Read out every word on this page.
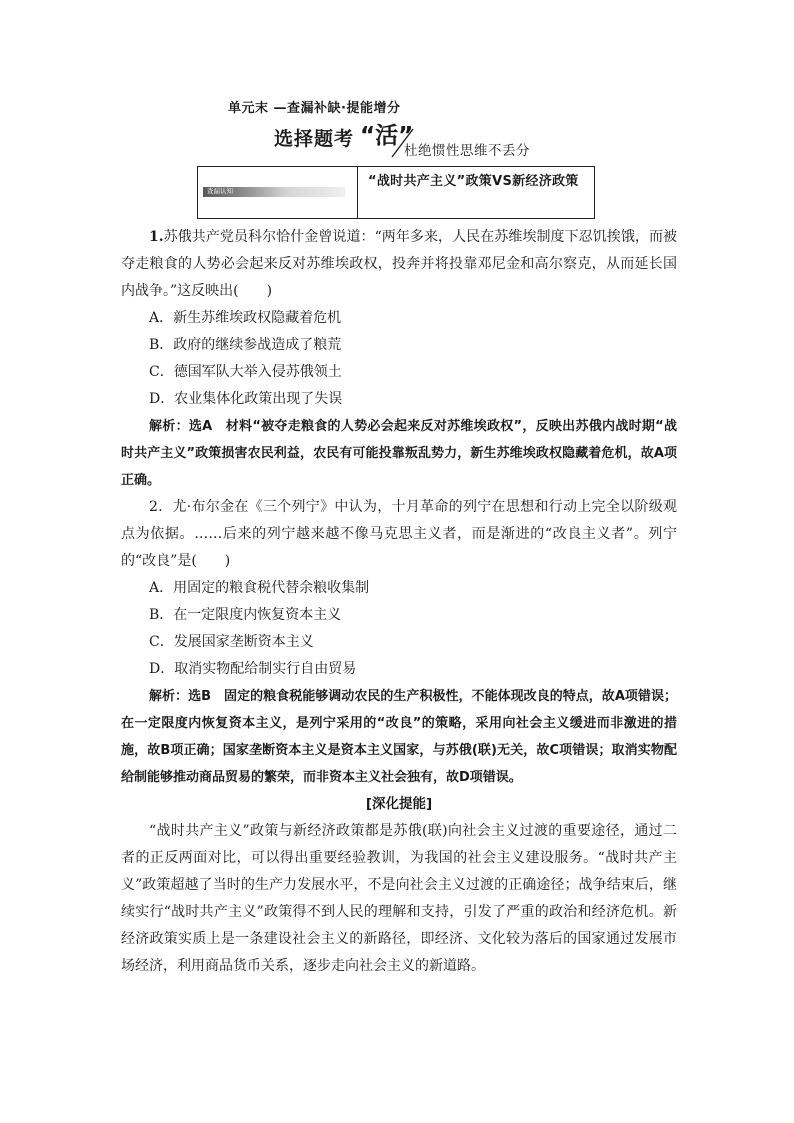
单元末 —查漏补缺·提能增分
选择题考 “活”
杜绝惯性思维不丢分
查漏认知
“战时共产主义”政策VS新经济政策

1.苏俄共产党员科尔恰什金曾说道：“两年多来，人民在苏维埃制度下忍饥挨饿，而被夺走粮食的人势必会起来反对苏维埃政权，投奔并将投靠邓尼金和高尔察克，从而延长国内战争。”这反映出(　　)

A．新生苏维埃政权隐藏着危机

B．政府的继续参战造成了粮荒

C．德国军队大举入侵苏俄领土

D．农业集体化政策出现了失误

解析：选A　材料“被夺走粮食的人势必会起来反对苏维埃政权”，反映出苏俄内战时期“战时共产主义”政策损害农民利益，农民有可能投靠叛乱势力，新生苏维埃政权隐藏着危机，故A项正确。

2．尤·布尔金在《三个列宁》中认为，十月革命的列宁在思想和行动上完全以阶级观点为依据。……后来的列宁越来越不像马克思主义者，而是渐进的“改良主义者”。列宁的“改良”是(　　)

A．用固定的粮食税代替余粮收集制

B．在一定限度内恢复资本主义

C．发展国家垄断资本主义

D．取消实物配给制实行自由贸易

解析：选B　固定的粮食税能够调动农民的生产积极性，不能体现改良的特点，故A项错误；在一定限度内恢复资本主义，是列宁采用的“改良”的策略，采用向社会主义缓进而非激进的措施，故B项正确；国家垄断资本主义是资本主义国家，与苏俄(联)无关，故C项错误；取消实物配给制能够推动商品贸易的繁荣，而非资本主义社会独有，故D项错误。

[深化提能]

“战时共产主义”政策与新经济政策都是苏俄(联)向社会主义过渡的重要途径，通过二者的正反两面对比，可以得出重要经验教训，为我国的社会主义建设服务。“战时共产主义”政策超越了当时的生产力发展水平，不是向社会主义过渡的正确途径；战争结束后，继续实行“战时共产主义”政策得不到人民的理解和支持，引发了严重的政治和经济危机。新经济政策实质上是一条建设社会主义的新路径，即经济、文化较为落后的国家通过发展市场经济，利用商品货币关系，逐步走向社会主义的新道路。
